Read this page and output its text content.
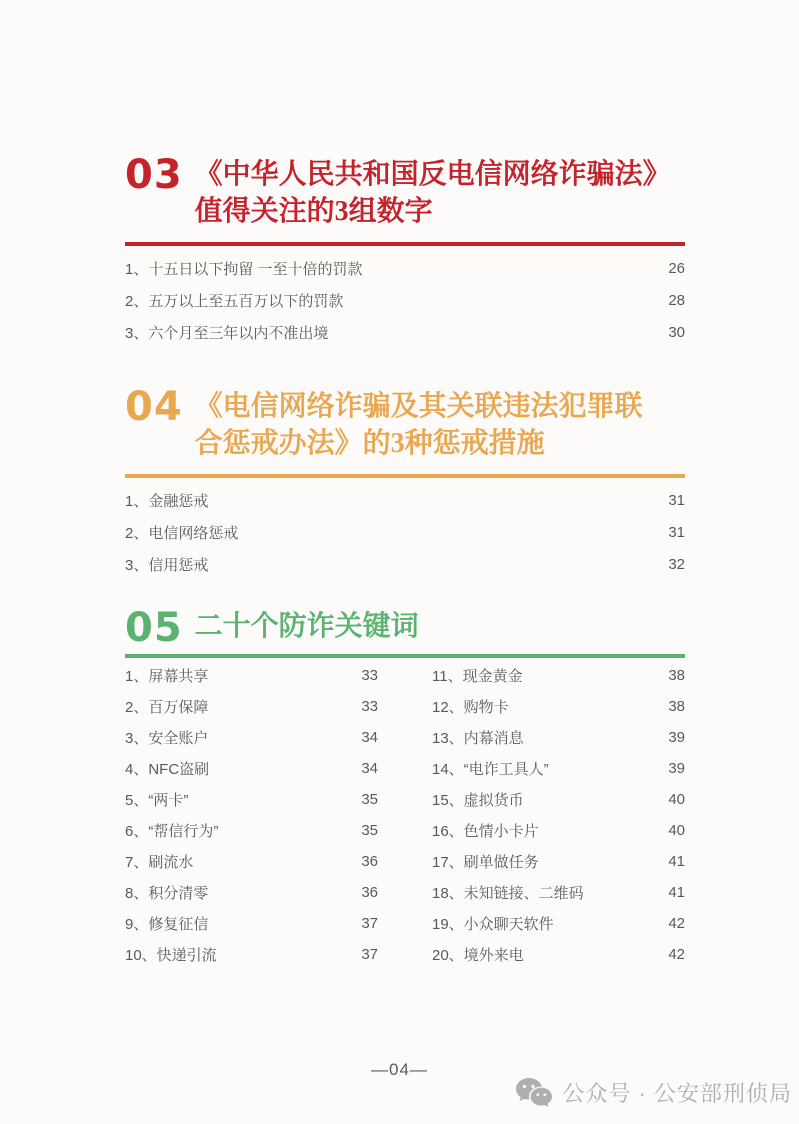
03 《中华人民共和国反电信网络诈骗法》
值得关注的3组数字
1、十五日以下拘留 一至十倍的罚款	26
2、五万以上至五百万以下的罚款	28
3、六个月至三年以内不准出境	30
04 《电信网络诈骗及其关联违法犯罪联
合惩戒办法》的3种惩戒措施
1、金融惩戒	31
2、电信网络惩戒	31
3、信用惩戒	32
05 二十个防诈关键词
1、屏幕共享	33
2、百万保障	33
3、安全账户	34
4、NFC盗刷	34
5、“两卡”	35
6、“帮信行为”	35
7、刷流水	36
8、积分清零	36
9、修复征信	37
10、快递引流	37
11、现金黄金	38
12、购物卡	38
13、内幕消息	39
14、“电诈工具人”	39
15、虚拟货币	40
16、色情小卡片	40
17、刷单做任务	41
18、未知链接、二维码	41
19、小众聊天软件	42
20、境外来电	42
—04—
公众号 · 公安部刑侦局
